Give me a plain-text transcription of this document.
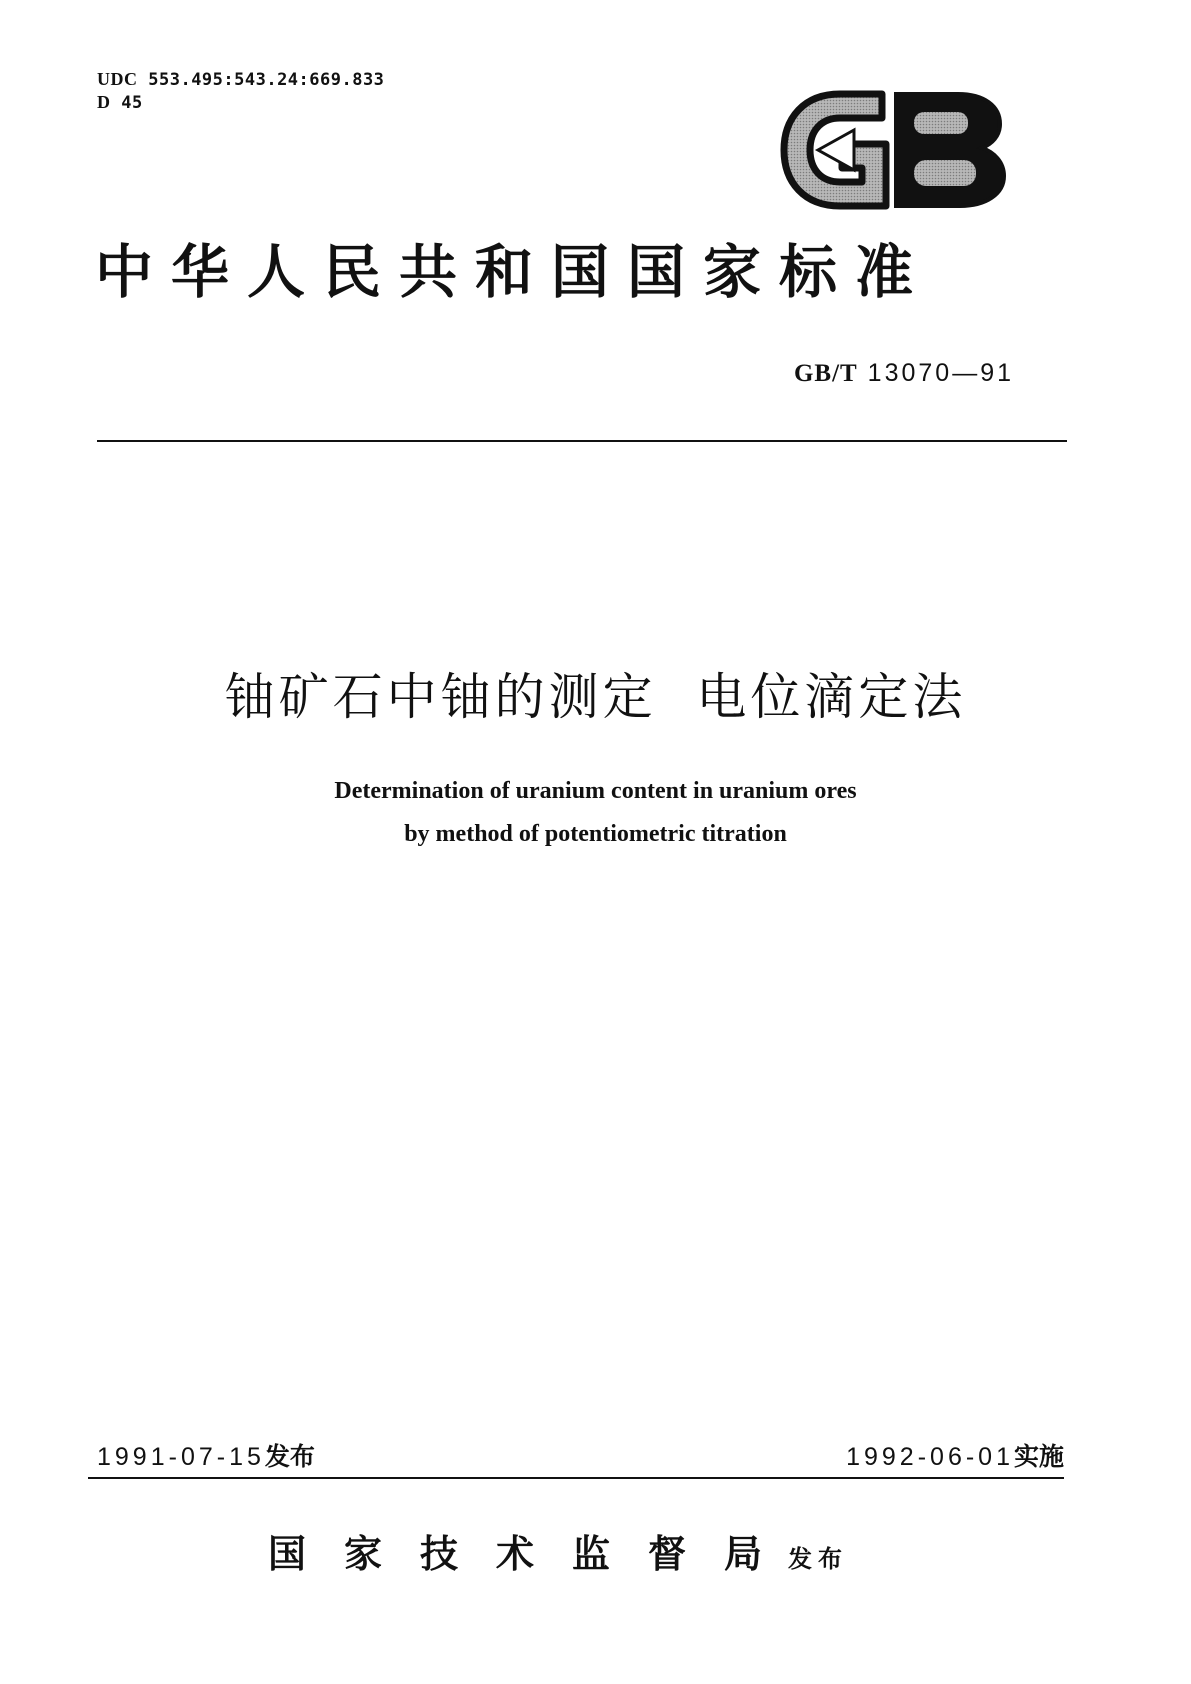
UDC 553.495:543.24:669.833
D 45
中华人民共和国国家标准
GB/T 13070—91
铀矿石中铀的测定  电位滴定法
Determination of uranium content in uranium ores
by method of potentiometric titration
1991-07-15发布	1992-06-01实施
国家技术监督局发布
